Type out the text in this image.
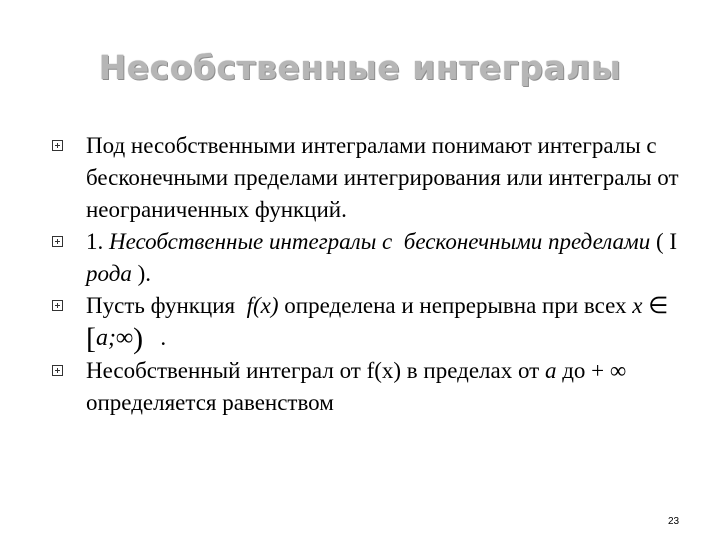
Несобственные интегралы
Под несобственными интегралами понимают интегралы с бесконечными пределами интегрирования или интегралы от неограниченных функций.
1. Несобственные интегралы с бесконечными пределами ( I рода ).
Пусть функция f(x) определена и непрерывна при всех x ∈ [a;∞) .
Несобственный интеграл от f(x) в пределах от a до + ∞ определяется равенством
23
